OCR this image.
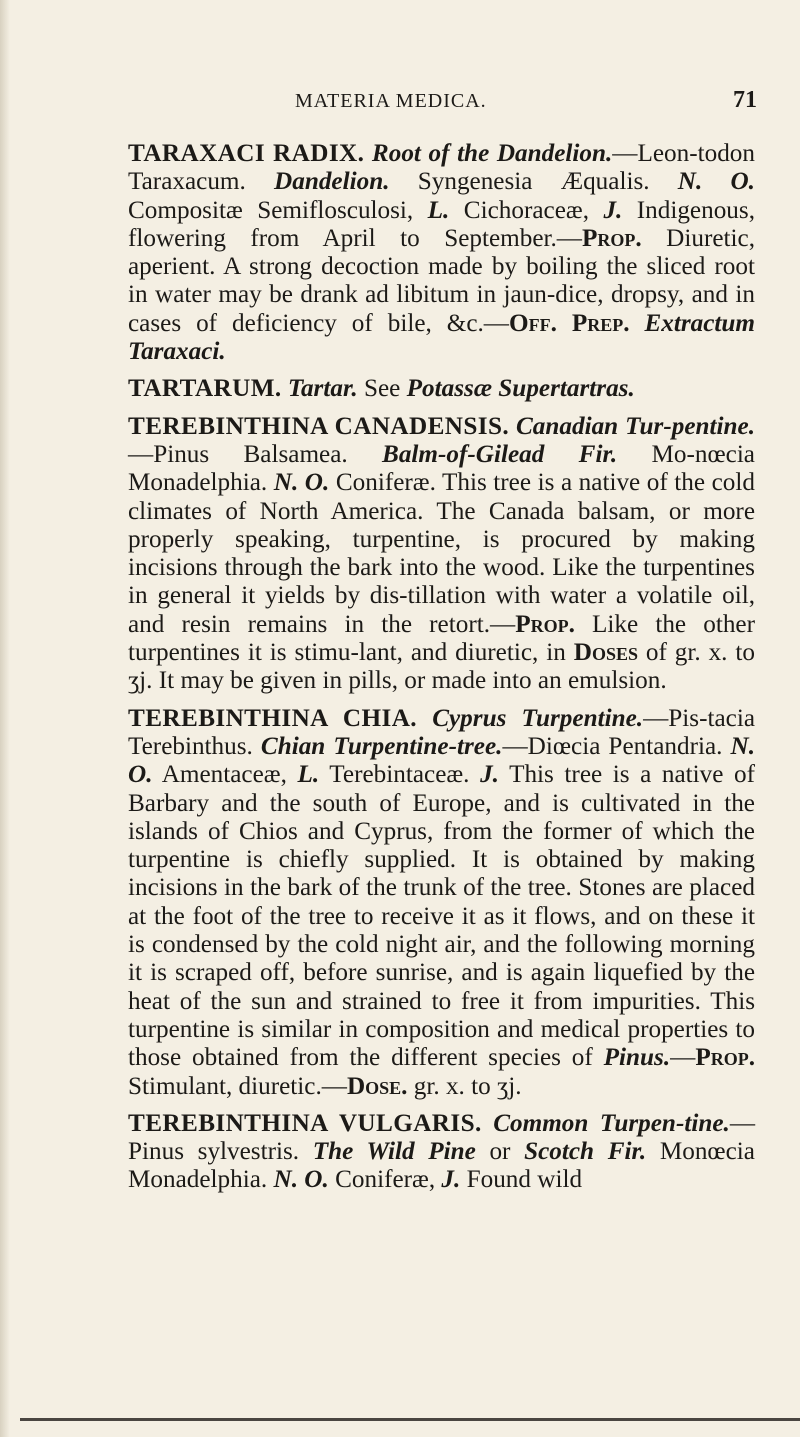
MATERIA MEDICA.	71

TARAXACI RADIX. Root of the Dandelion.—Leon-todon Taraxacum. Dandelion. Syngenesia Æqualis. N. O. Compositæ Semiflosculosi, L. Cichoraceæ, J. Indigenous, flowering from April to September.—Prop. Diuretic, aperient. A strong decoction made by boiling the sliced root in water may be drank ad libitum in jaun-dice, dropsy, and in cases of deficiency of bile, &c.—Off. Prep. Extractum Taraxaci.

TARTARUM. Tartar. See Potassæ Supertartras.

TEREBINTHINA CANADENSIS. Canadian Tur-pentine.—Pinus Balsamea. Balm-of-Gilead Fir. Mo-nœcia Monadelphia. N. O. Coniferæ. This tree is a native of the cold climates of North America. The Canada balsam, or more properly speaking, turpentine, is procured by making incisions through the bark into the wood. Like the turpentines in general it yields by dis-tillation with water a volatile oil, and resin remains in the retort.—Prop. Like the other turpentines it is stimu-lant, and diuretic, in Doses of gr. x. to ʒj. It may be given in pills, or made into an emulsion.

TEREBINTHINA CHIA. Cyprus Turpentine.—Pis-tacia Terebinthus. Chian Turpentine-tree.—Diœcia Pentandria. N. O. Amentaceæ, L. Terebintaceæ. J. This tree is a native of Barbary and the south of Europe, and is cultivated in the islands of Chios and Cyprus, from the former of which the turpentine is chiefly supplied. It is obtained by making incisions in the bark of the trunk of the tree. Stones are placed at the foot of the tree to receive it as it flows, and on these it is condensed by the cold night air, and the following morning it is scraped off, before sunrise, and is again liquefied by the heat of the sun and strained to free it from impurities. This turpentine is similar in composition and medical properties to those obtained from the different species of Pinus.—Prop. Stimulant, diuretic.—Dose. gr. x. to ʒj.

TEREBINTHINA VULGARIS. Common Turpen-tine.—Pinus sylvestris. The Wild Pine or Scotch Fir. Monœcia Monadelphia. N. O. Coniferæ, J. Found wild
